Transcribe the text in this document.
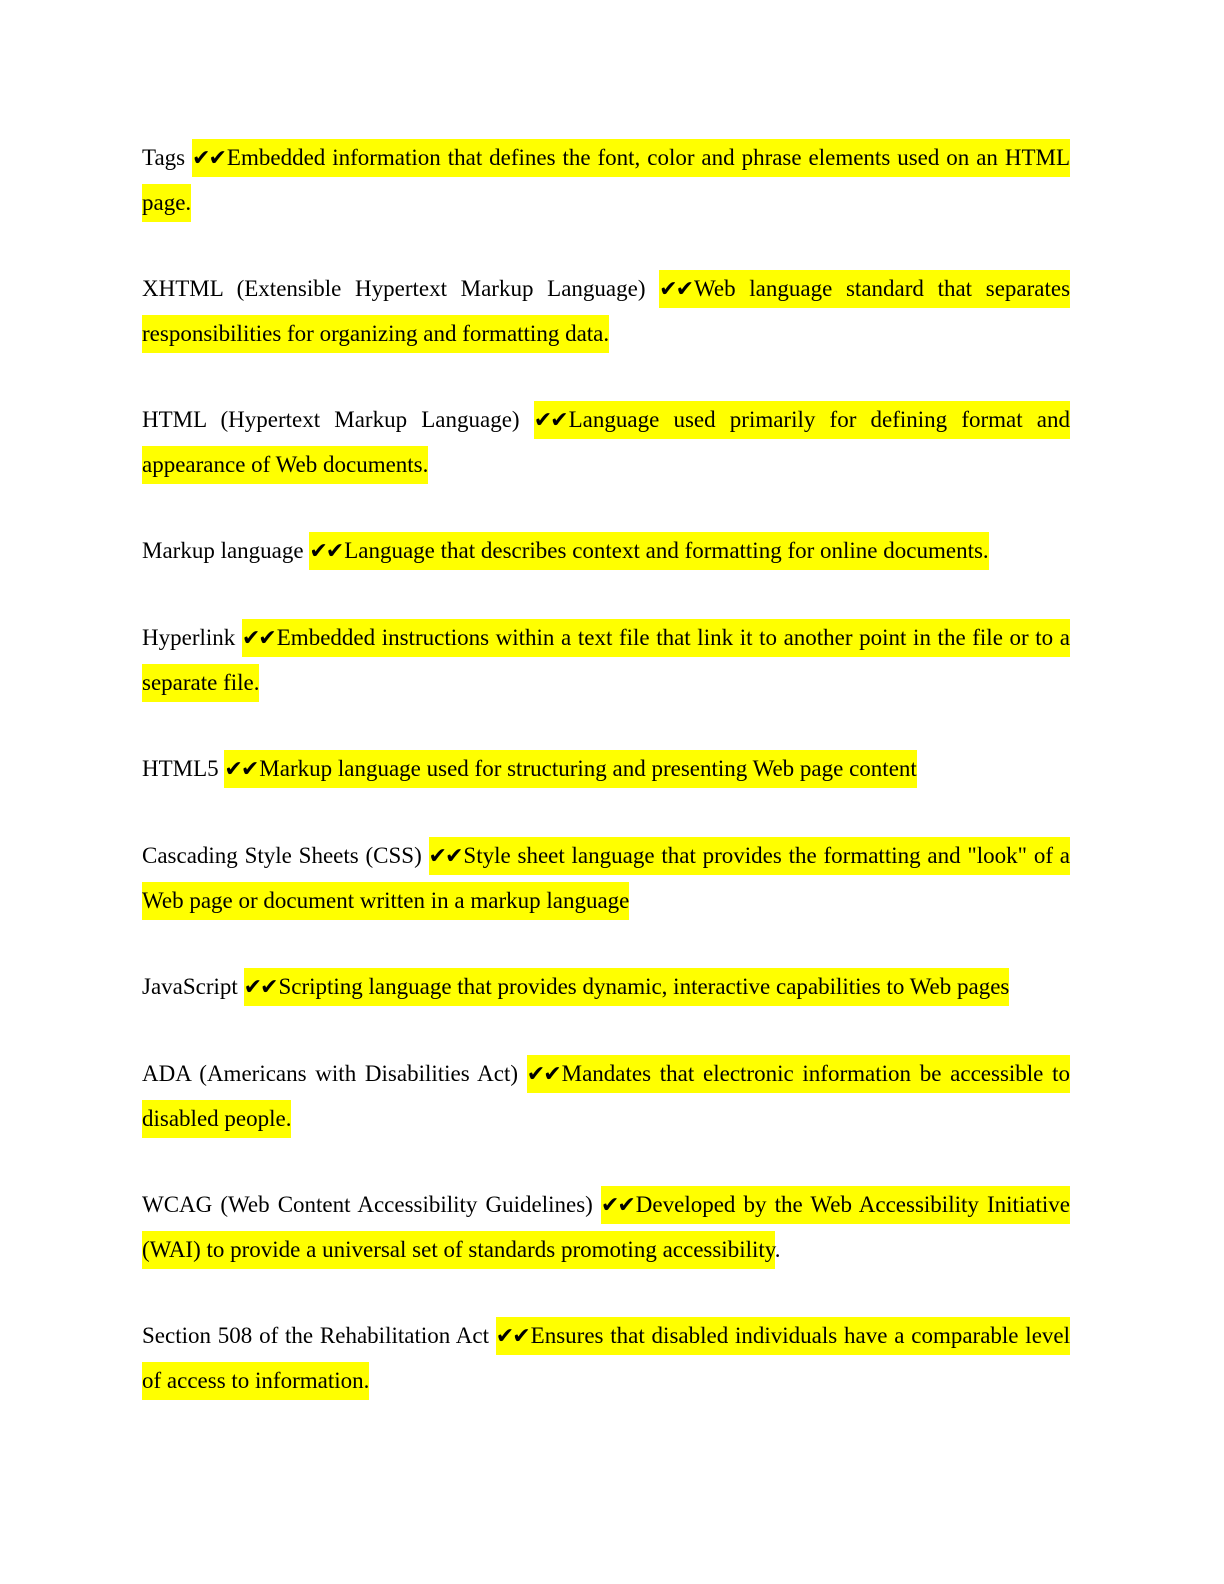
Tags ✔✔Embedded information that defines the font, color and phrase elements used on an HTML page.

XHTML (Extensible Hypertext Markup Language) ✔✔Web language standard that separates responsibilities for organizing and formatting data.

HTML (Hypertext Markup Language) ✔✔Language used primarily for defining format and appearance of Web documents.

Markup language ✔✔Language that describes context and formatting for online documents.

Hyperlink ✔✔Embedded instructions within a text file that link it to another point in the file or to a separate file.

HTML5 ✔✔Markup language used for structuring and presenting Web page content

Cascading Style Sheets (CSS) ✔✔Style sheet language that provides the formatting and "look" of a Web page or document written in a markup language

JavaScript ✔✔Scripting language that provides dynamic, interactive capabilities to Web pages

ADA (Americans with Disabilities Act) ✔✔Mandates that electronic information be accessible to disabled people.

WCAG (Web Content Accessibility Guidelines) ✔✔Developed by the Web Accessibility Initiative (WAI) to provide a universal set of standards promoting accessibility.

Section 508 of the Rehabilitation Act ✔✔Ensures that disabled individuals have a comparable level of access to information.
